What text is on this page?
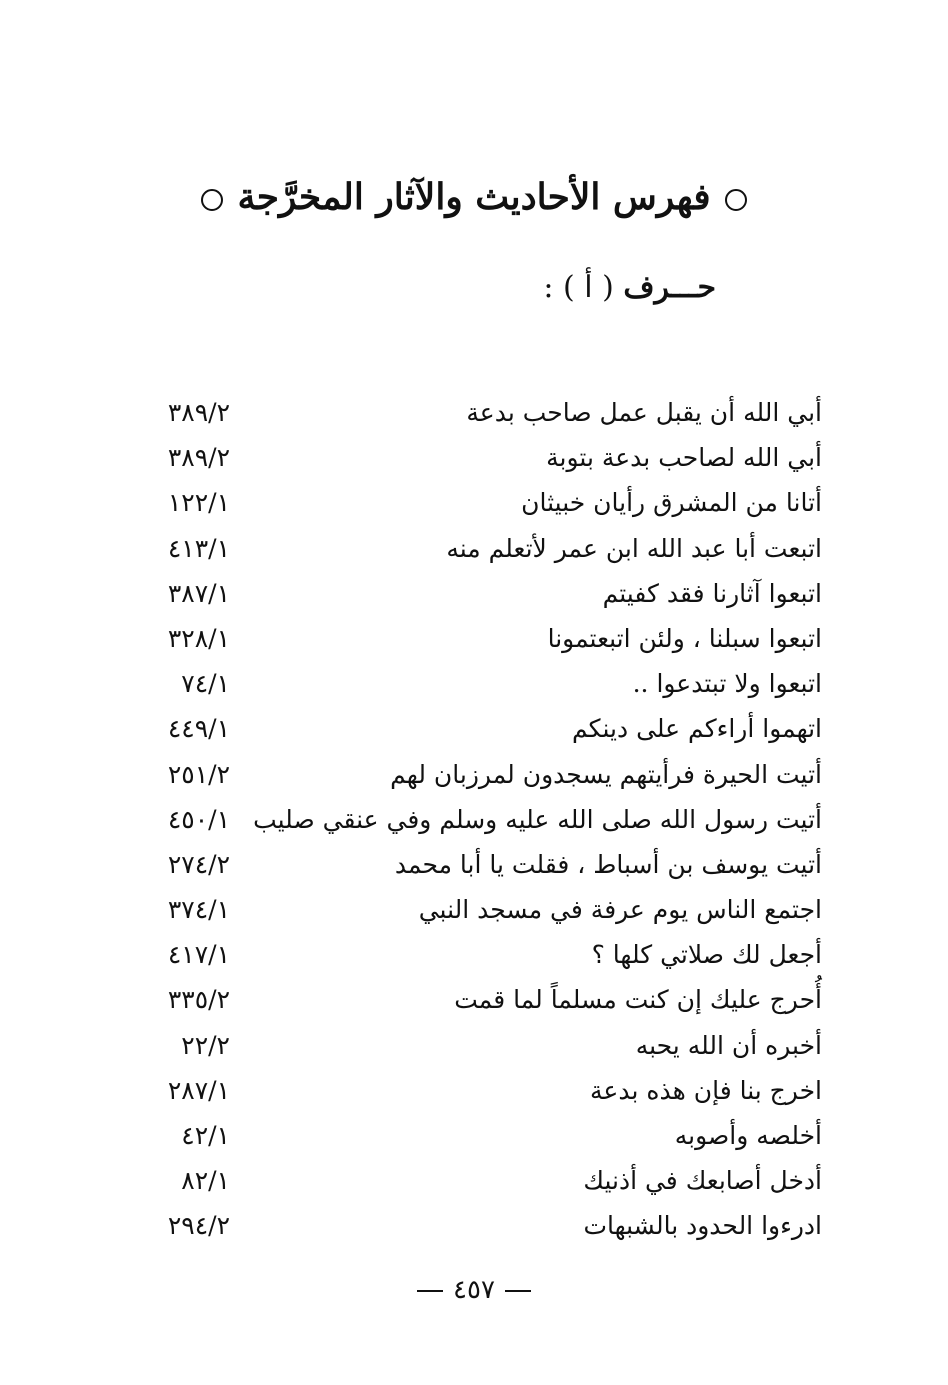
فهرس الأحاديث والآثار المخرَّجة
حـــرف ( أ ) :
أبي الله أن يقبل عمل صاحب بدعة
٣٨٩/٢
أبي الله لصاحب بدعة بتوبة
٣٨٩/٢
أتانا من المشرق رأيان خبيثان
١٢٢/١
اتبعت أبا عبد الله ابن عمر لأتعلم منه
٤١٣/١
اتبعوا آثارنا فقد كفيتم
٣٨٧/١
اتبعوا سبلنا ، ولئن اتبعتمونا
٣٢٨/١
اتبعوا ولا تبتدعوا ..
٧٤/١
اتهموا أراءكم على دينكم
٤٤٩/١
أتيت الحيرة فرأيتهم يسجدون لمرزبان لهم
٢٥١/٢
أتيت رسول الله صلى الله عليه وسلم وفي عنقي صليب
٤٥٠/١
أتيت يوسف بن أسباط ، فقلت يا أبا محمد
٢٧٤/٢
اجتمع الناس يوم عرفة في مسجد النبي
٣٧٤/١
أجعل لك صلاتي كلها ؟
٤١٧/١
أُحرج عليك إن كنت مسلماً لما قمت
٣٣٥/٢
أخبره أن الله يحبه
٢٢/٢
اخرج بنا فإن هذه بدعة
٢٨٧/١
أخلصه وأصوبه
٤٢/١
أدخل أصابعك في أذنيك
٨٢/١
ادرءوا الحدود بالشبهات
٢٩٤/٢
٤٥٧
